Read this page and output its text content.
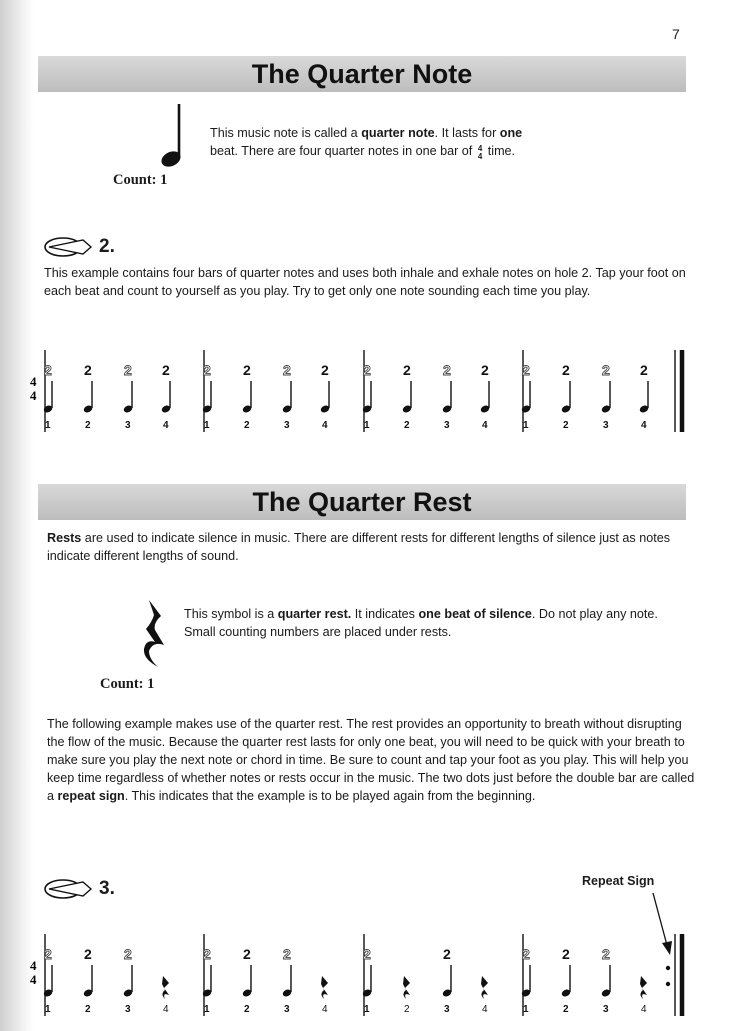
7
The Quarter Note
This music note is called a quarter note. It lasts for one
beat. There are four quarter notes in one bar of 4
4 time.
Count: 1
2.
This example contains four bars of quarter notes and uses both inhale and exhale notes on hole 2. Tap your foot on each beat and count to yourself as you play. Try to get only one note sounding each time you play.
4
4
2
1
2
2
2
3
2
4
2
1
2
2
2
3
2
4
2
1
2
2
2
3
2
4
2
1
2
2
2
3
2
4
The Quarter Rest
Rests are used to indicate silence in music. There are different rests for different lengths of silence just as notes indicate different lengths of sound.
This symbol is a quarter rest. It indicates one beat of silence. Do not play any note. Small counting numbers are placed under rests.
Count: 1
The following example makes use of the quarter rest. The rest provides an opportunity to breath without disrupting the flow of the music. Because the quarter rest lasts for only one beat, you will need to be quick with your breath to make sure you play the next note or chord in time. Be sure to count and tap your foot as you play. This will help you keep time regardless of whether notes or rests occur in the music. The two dots just before the double bar are called a repeat sign. This indicates that the example is to be played again from the beginning.
3.	Repeat Sign
4
4
2
1
2
2
2
3	4
2
1
2
2
2
3	4
2
1	2
2
3	4
2
1
2
2
2
3	4
